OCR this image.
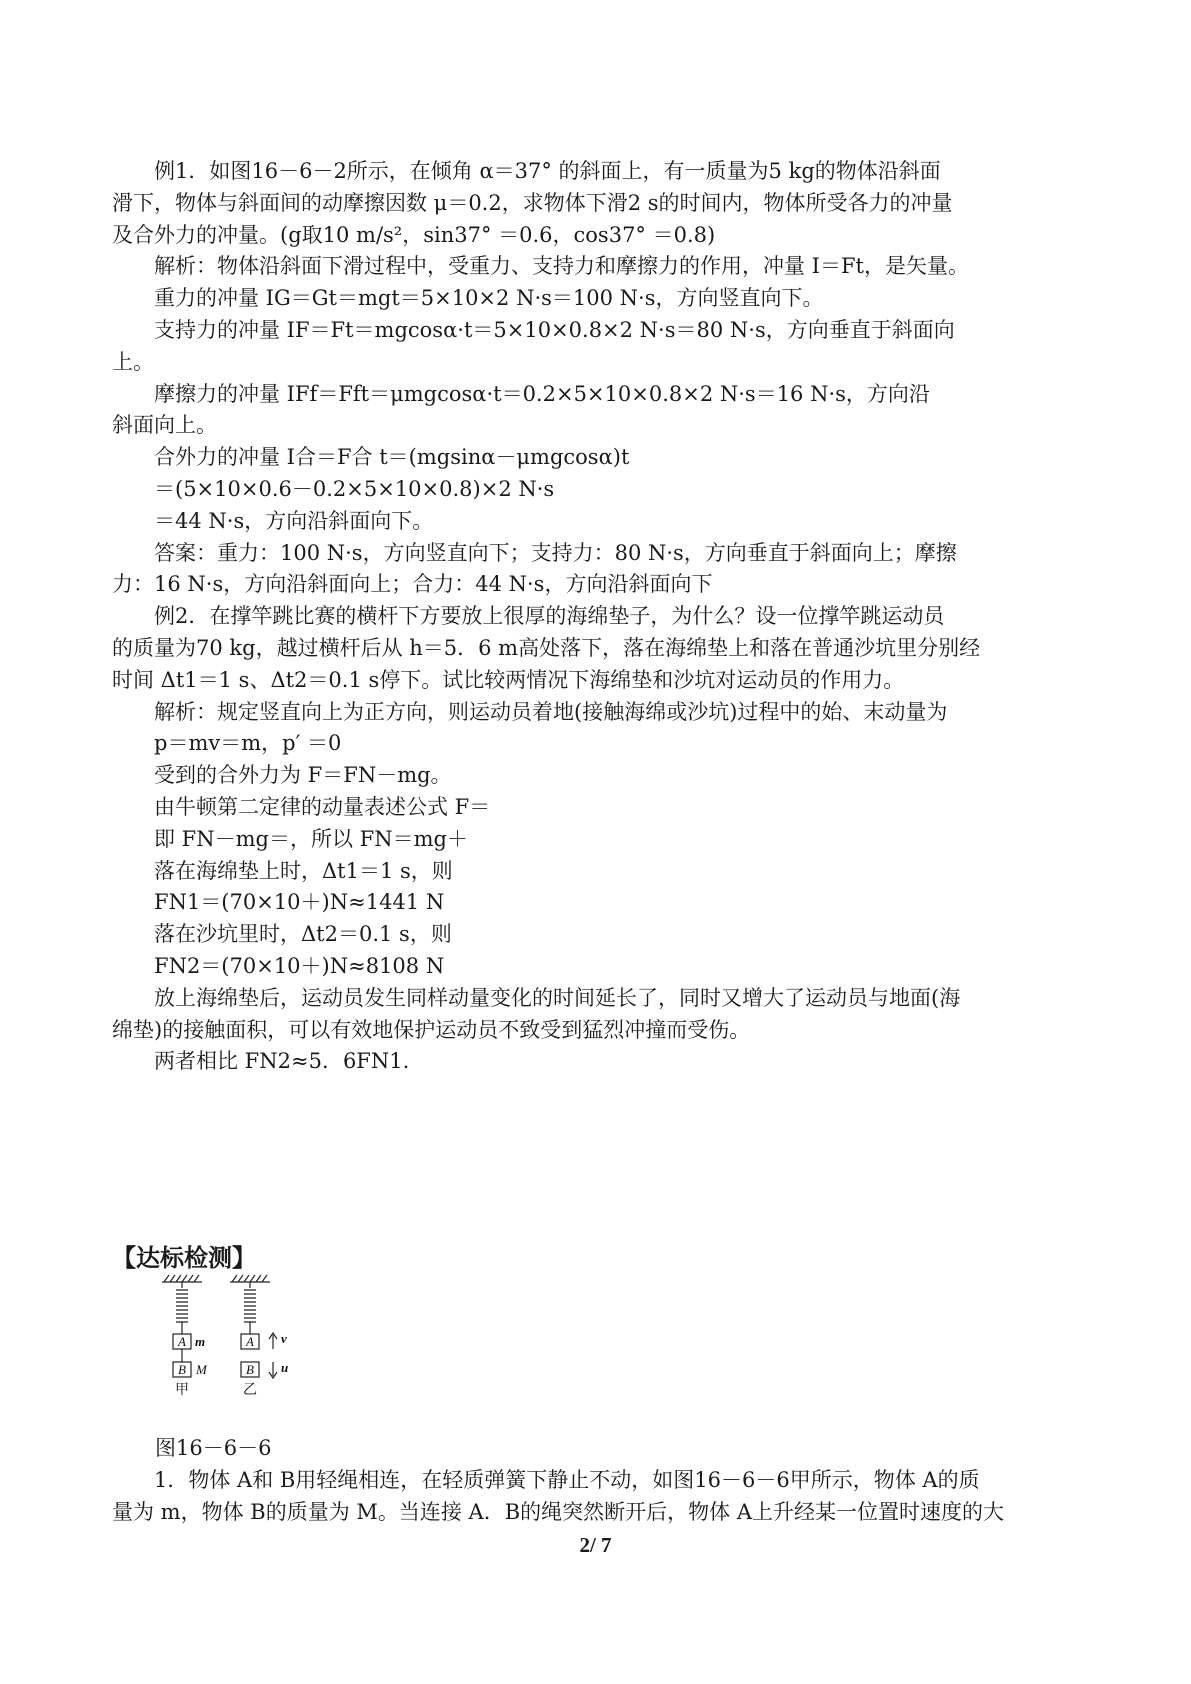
例1．如图16－6－2所示，在倾角 α＝37° 的斜面上，有一质量为5 kg的物体沿斜面
滑下，物体与斜面间的动摩擦因数 μ＝0.2，求物体下滑2 s的时间内，物体所受各力的冲量
及合外力的冲量。(g取10 m/s²，sin37° ＝0.6，cos37° ＝0.8)
解析：物体沿斜面下滑过程中，受重力、支持力和摩擦力的作用，冲量 I＝Ft，是矢量。
重力的冲量 IG＝Gt＝mgt＝5×10×2 N·s＝100 N·s，方向竖直向下。
支持力的冲量 IF＝Ft＝mgcosα·t＝5×10×0.8×2 N·s＝80 N·s，方向垂直于斜面向
上。
摩擦力的冲量 IFf＝Fft＝μmgcosα·t＝0.2×5×10×0.8×2 N·s＝16 N·s，方向沿
斜面向上。
合外力的冲量 I合＝F合 t＝(mgsinα－μmgcosα)t
＝(5×10×0.6－0.2×5×10×0.8)×2 N·s
＝44 N·s，方向沿斜面向下。
答案：重力：100 N·s，方向竖直向下；支持力：80 N·s，方向垂直于斜面向上；摩擦
力：16 N·s，方向沿斜面向上；合力：44 N·s，方向沿斜面向下
例2．在撑竿跳比赛的横杆下方要放上很厚的海绵垫子，为什么？设一位撑竿跳运动员
的质量为70 kg，越过横杆后从 h＝5．6 m高处落下，落在海绵垫上和落在普通沙坑里分别经
时间 Δt1＝1 s、Δt2＝0.1 s停下。试比较两情况下海绵垫和沙坑对运动员的作用力。
解析：规定竖直向上为正方向，则运动员着地(接触海绵或沙坑)过程中的始、末动量为
p＝mv＝m，p′ ＝0
受到的合外力为 F＝FN－mg。
由牛顿第二定律的动量表述公式 F＝
即 FN－mg＝，所以 FN＝mg＋
落在海绵垫上时，Δt1＝1 s，则
FN1＝(70×10＋)N≈1441 N
落在沙坑里时，Δt2＝0.1 s，则
FN2＝(70×10＋)N≈8108 N
放上海绵垫后，运动员发生同样动量变化的时间延长了，同时又增大了运动员与地面(海
绵垫)的接触面积，可以有效地保护运动员不致受到猛烈冲撞而受伤。
两者相比 FN2≈5．6FN1.
【达标检测】
A m
B M
A v
B u
甲	乙
图16－6－6
1．物体 A和 B用轻绳相连，在轻质弹簧下静止不动，如图16－6－6甲所示，物体 A的质
量为 m，物体 B的质量为 M。当连接 A．B的绳突然断开后，物体 A上升经某一位置时速度的大
2/ 7
